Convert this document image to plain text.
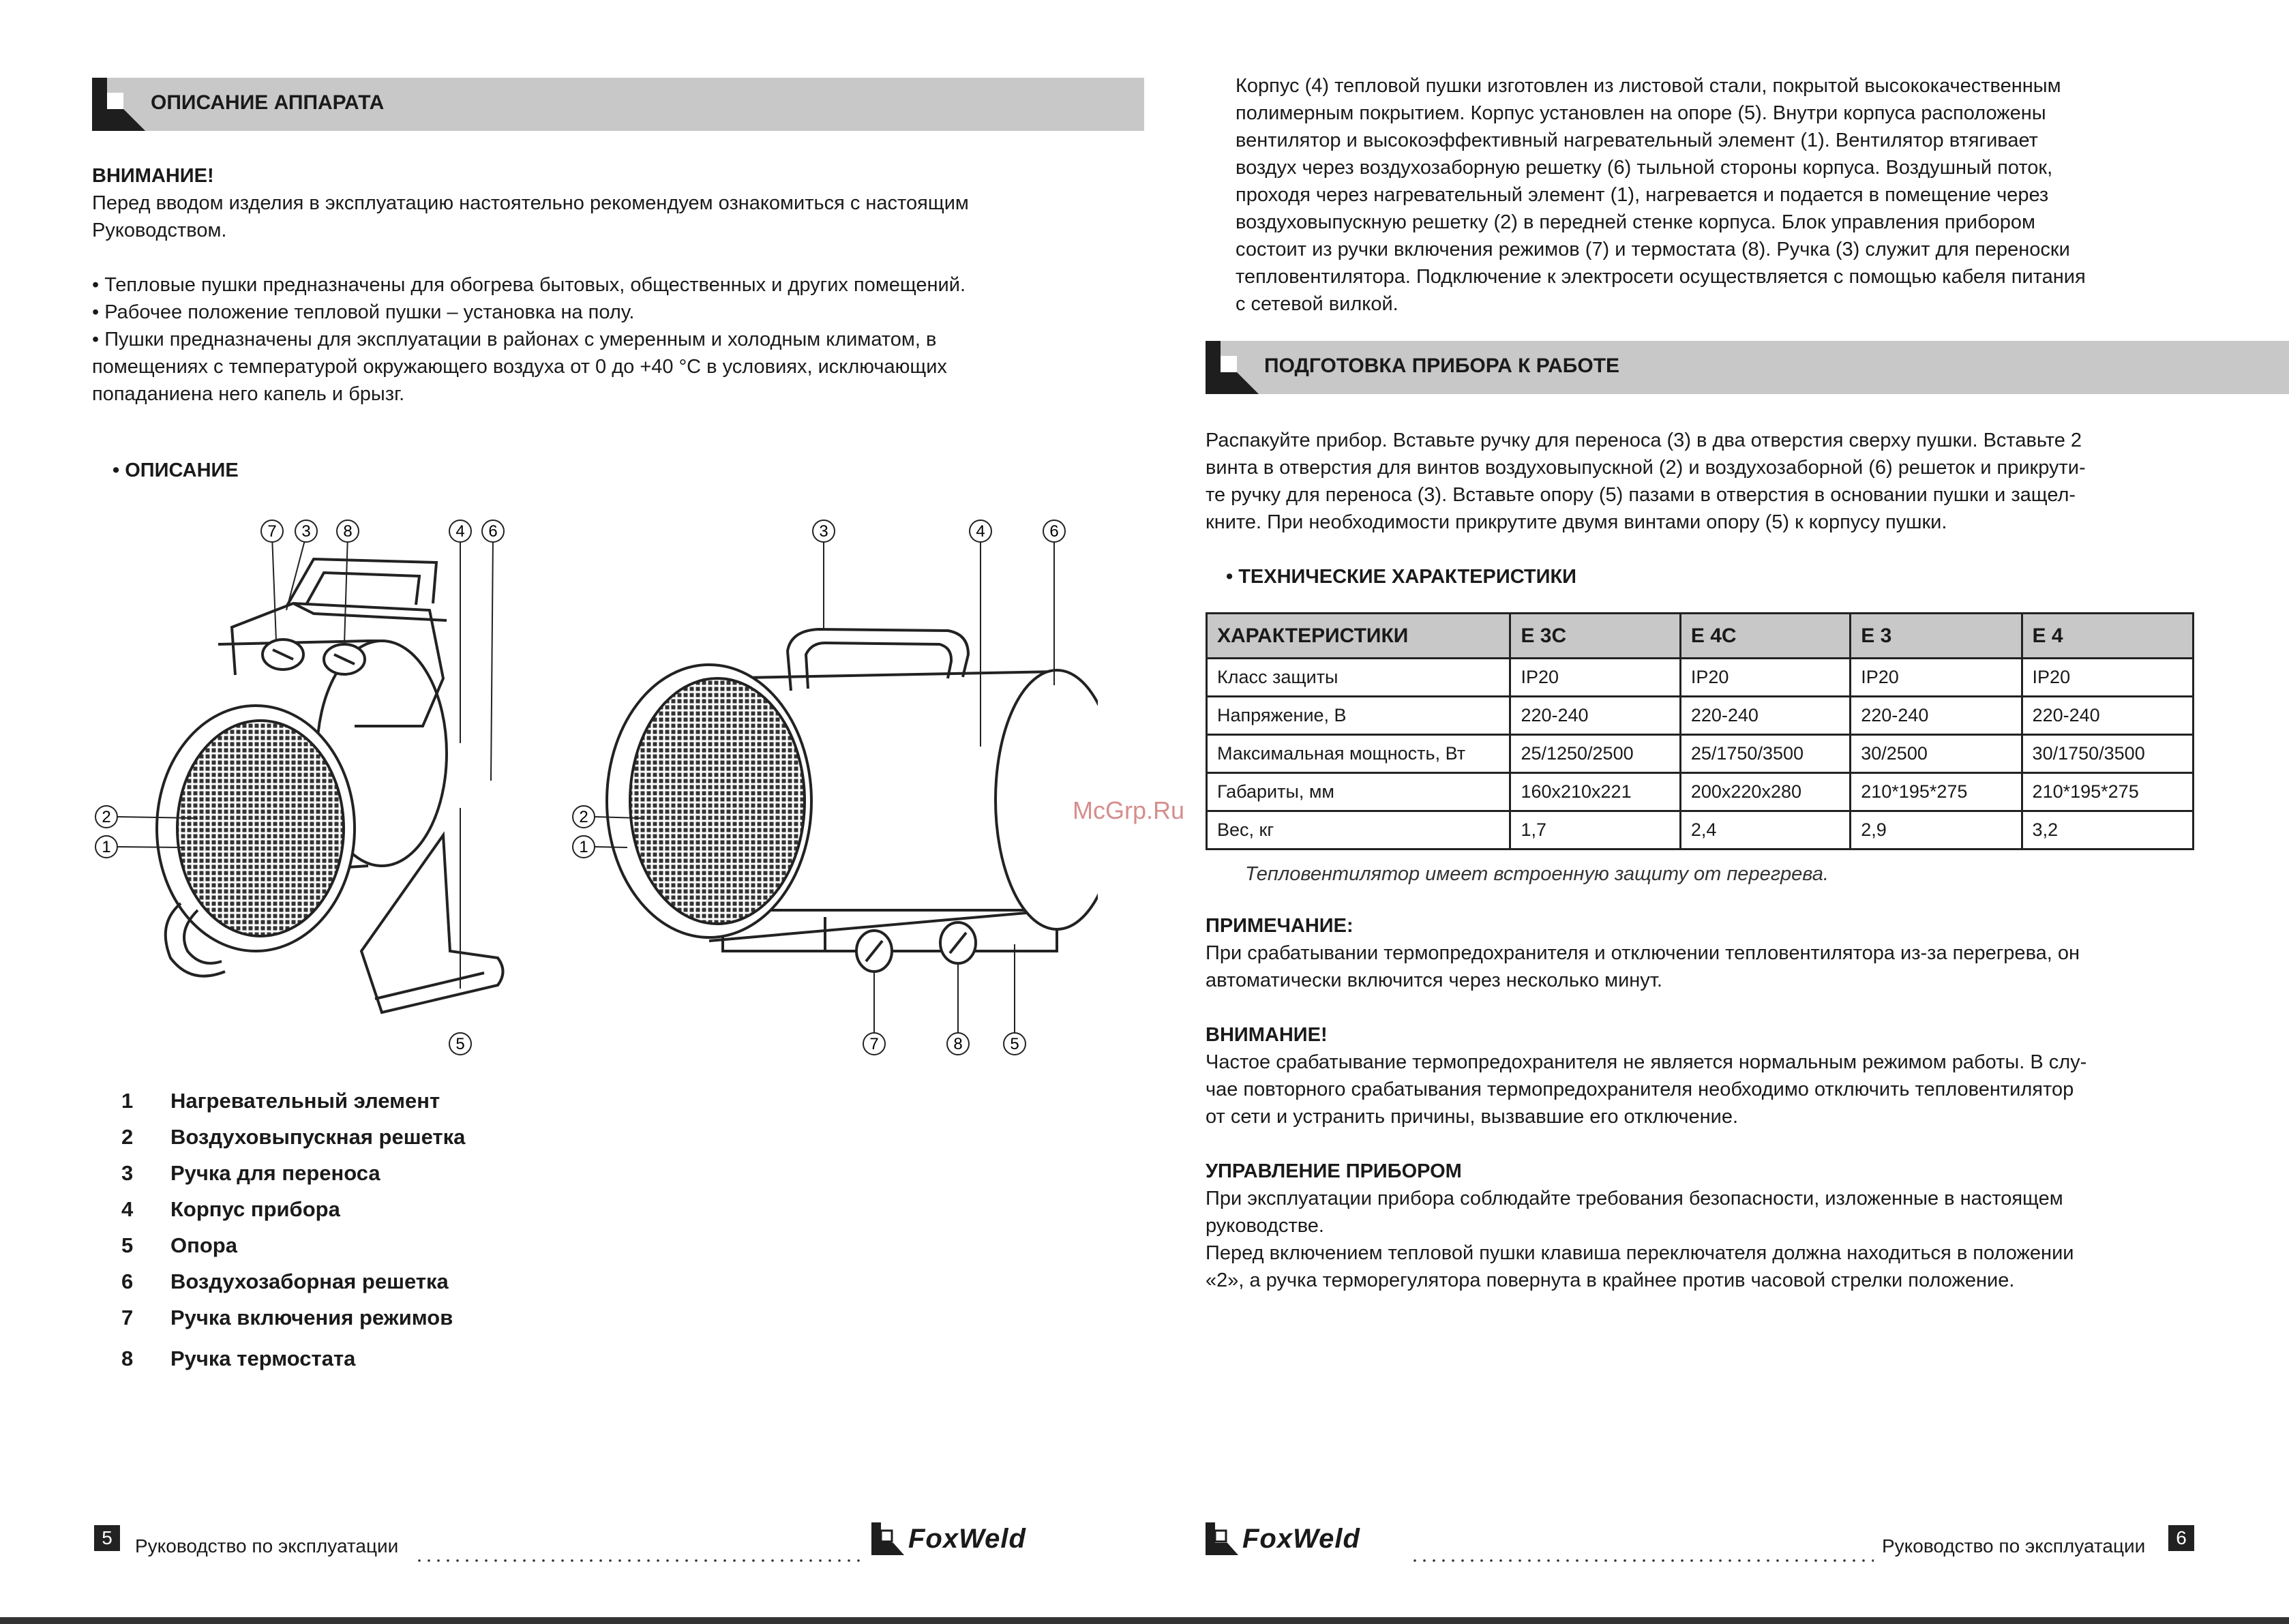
ОПИСАНИЕ АППАРАТА
ВНИМАНИЕ!
Перед вводом изделия в эксплуатацию настоятельно рекомендуем ознакомиться с настоящим
Руководством.
• Тепловые пушки предназначены для обогрева бытовых, общественных и других помещений.
• Рабочее положение тепловой пушки – установка на полу.
• Пушки предназначены для эксплуатации в районах с умеренным и холодным климатом, в
помещениях с температурой окружающего воздуха от 0 до +40 °С в условиях, исключающих
попаданиена него капель и брызг.
• ОПИСАНИЕ
7 3 8	4 6
2
1
5
3	4	6
2
1
7	8	5
1	Нагревательный элемент
2	Воздуховыпускная решетка
3	Ручка для переноса
4	Корпус прибора
5	Опора
6	Воздухозаборная решетка
7	Ручка включения режимов
8	Ручка термостата
5	Руководство по эксплуатации	FoxWeld
Корпус (4) тепловой пушки изготовлен из листовой стали, покрытой высококачественным
полимерным покрытием. Корпус установлен на опоре (5). Внутри корпуса расположены
вентилятор и высокоэффективный нагревательный элемент (1). Вентилятор втягивает
воздух через воздухозаборную решетку (6) тыльной стороны корпуса. Воздушный поток,
проходя через нагревательный элемент (1), нагревается и подается в помещение через
воздуховыпускную решетку (2) в передней стенке корпуса. Блок управления прибором
состоит из ручки включения режимов (7) и термостата (8). Ручка (3) служит для переноски
тепловентилятора. Подключение к электросети осуществляется с помощью кабеля питания
с сетевой вилкой.
ПОДГОТОВКА ПРИБОРА К РАБОТЕ
Распакуйте прибор. Вставьте ручку для переноса (3) в два отверстия сверху пушки. Вставьте 2
винта в отверстия для винтов воздуховыпускной (2) и воздухозаборной (6) решеток и прикрути-
те ручку для переноса (3). Вставьте опору (5) пазами в отверстия в основании пушки и защел-
кните. При необходимости прикрутите двумя винтами опору (5) к корпусу пушки.
• ТЕХНИЧЕСКИЕ ХАРАКТЕРИСТИКИ
ХАРАКТЕРИСТИКИ	Е 3С	Е 4С	Е 3	Е 4
Класс защиты	IP20	IP20	IP20	IP20
Напряжение, В	220-240	220-240	220-240	220-240
Максимальная мощность, Вт	25/1250/2500	25/1750/3500	30/2500	30/1750/3500
Габариты, мм	160х210х221	200х220х280	210*195*275	210*195*275
Вес, кг	1,7	2,4	2,9	3,2
Тепловентилятор имеет встроенную защиту от перегрева.
ПРИМЕЧАНИЕ:
При срабатывании термопредохранителя и отключении тепловентилятора из-за перегрева, он
автоматически включится через несколько минут.
ВНИМАНИЕ!
Частое срабатывание термопредохранителя не является нормальным режимом работы. В слу-
чае повторного срабатывания термопредохранителя необходимо отключить тепловентилятор
от сети и устранить причины, вызвавшие его отключение.
УПРАВЛЕНИЕ ПРИБОРОМ
При эксплуатации прибора соблюдайте требования безопасности, изложенные в настоящем
руководстве.
Перед включением тепловой пушки клавиша переключателя должна находиться в положении
«2», а ручка терморегулятора повернута в крайнее против часовой стрелки положение.
FoxWeld	Руководство по эксплуатации	6
McGrp.Ru
